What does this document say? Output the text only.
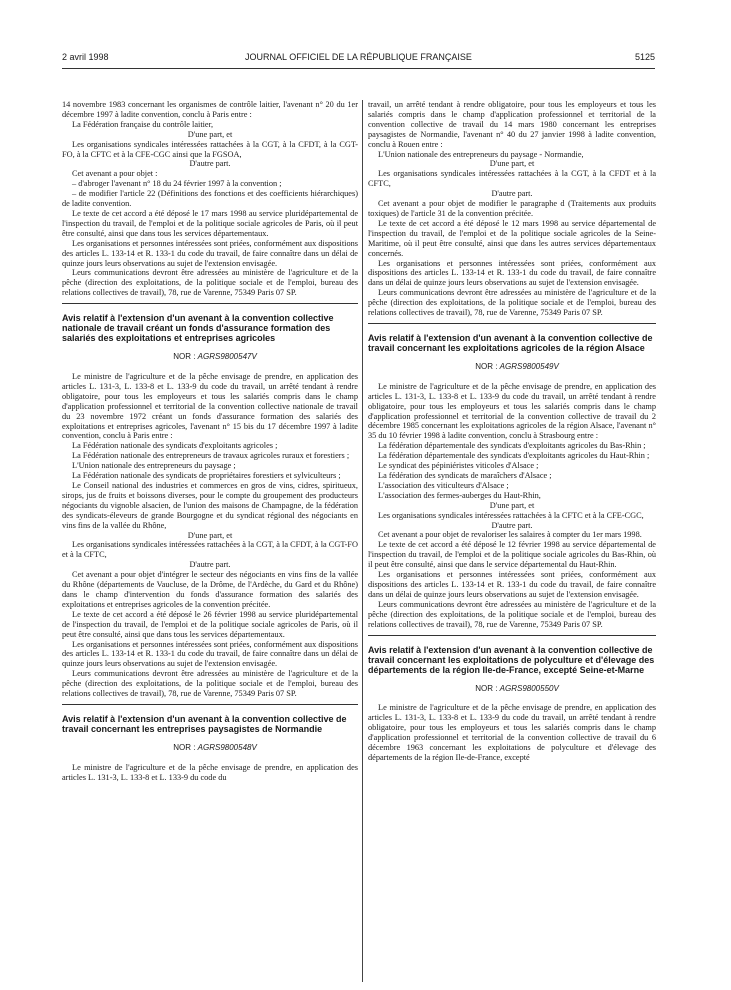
2 avril 1998	JOURNAL OFFICIEL DE LA RÉPUBLIQUE FRANÇAISE	5125

14 novembre 1983 concernant les organismes de contrôle laitier, l'avenant n° 20 du 1er décembre 1997 à ladite convention, conclu à Paris entre :

La Fédération française du contrôle laitier,

D'une part, et

Les organisations syndicales intéressées rattachées à la CGT, à la CFDT, à la CGT-FO, à la CFTC et à la CFE-CGC ainsi que la FGSOA,

D'autre part.

Cet avenant a pour objet :

– d'abroger l'avenant n° 18 du 24 février 1997 à la convention ;

– de modifier l'article 22 (Définitions des fonctions et des coefficients hiérarchiques) de ladite convention.

Le texte de cet accord a été déposé le 17 mars 1998 au service pluridépartemental de l'inspection du travail, de l'emploi et de la politique sociale agricoles de Paris, où il peut être consulté, ainsi que dans tous les services départementaux.

Les organisations et personnes intéressées sont priées, conformément aux dispositions des articles L. 133-14 et R. 133-1 du code du travail, de faire connaître dans un délai de quinze jours leurs observations au sujet de l'extension envisagée.

Leurs communications devront être adressées au ministère de l'agriculture et de la pêche (direction des exploitations, de la politique sociale et de l'emploi, bureau des relations collectives de travail), 78, rue de Varenne, 75349 Paris 07 SP.

Avis relatif à l'extension d'un avenant à la convention collective nationale de travail créant un fonds d'assurance formation des salariés des exploitations et entreprises agricoles

NOR : AGRS9800547V

Le ministre de l'agriculture et de la pêche envisage de prendre, en application des articles L. 131-3, L. 133-8 et L. 133-9 du code du travail, un arrêté tendant à rendre obligatoire, pour tous les employeurs et tous les salariés compris dans le champ d'application professionnel et territorial de la convention collective nationale de travail du 23 novembre 1972 créant un fonds d'assurance formation des salariés des exploitations et entreprises agricoles, l'avenant n° 15 bis du 17 décembre 1997 à ladite convention, conclu à Paris entre :

La Fédération nationale des syndicats d'exploitants agricoles ;

La Fédération nationale des entrepreneurs de travaux agricoles ruraux et forestiers ;

L'Union nationale des entrepreneurs du paysage ;

La Fédération nationale des syndicats de propriétaires forestiers et sylviculteurs ;

Le Conseil national des industries et commerces en gros de vins, cidres, spiritueux, sirops, jus de fruits et boissons diverses, pour le compte du groupement des producteurs négociants du vignoble alsacien, de l'union des maisons de Champagne, de la fédération des syndicats-éleveurs de grande Bourgogne et du syndicat régional des négociants en vins fins de la vallée du Rhône,

D'une part, et

Les organisations syndicales intéressées rattachées à la CGT, à la CFDT, à la CGT-FO et à la CFTC,

D'autre part.

Cet avenant a pour objet d'intégrer le secteur des négociants en vins fins de la vallée du Rhône (départements de Vaucluse, de la Drôme, de l'Ardèche, du Gard et du Rhône) dans le champ d'intervention du fonds d'assurance formation des salariés des exploitations et entreprises agricoles de la convention précitée.

Le texte de cet accord a été déposé le 26 février 1998 au service pluridépartemental de l'inspection du travail, de l'emploi et de la politique sociale agricoles de Paris, où il peut être consulté, ainsi que dans tous les services départementaux.

Les organisations et personnes intéressées sont priées, conformément aux dispositions des articles L. 133-14 et R. 133-1 du code du travail, de faire connaître dans un délai de quinze jours leurs observations au sujet de l'extension envisagée.

Leurs communications devront être adressées au ministère de l'agriculture et de la pêche (direction des exploitations, de la politique sociale et de l'emploi, bureau des relations collectives de travail), 78, rue de Varenne, 75349 Paris 07 SP.

Avis relatif à l'extension d'un avenant à la convention collective de travail concernant les entreprises paysagistes de Normandie

NOR : AGRS9800548V

Le ministre de l'agriculture et de la pêche envisage de prendre, en application des articles L. 131-3, L. 133-8 et L. 133-9 du code du

travail, un arrêté tendant à rendre obligatoire, pour tous les employeurs et tous les salariés compris dans le champ d'application professionnel et territorial de la convention collective de travail du 14 mars 1980 concernant les entreprises paysagistes de Normandie, l'avenant n° 40 du 27 janvier 1998 à ladite convention, conclu à Rouen entre :

L'Union nationale des entrepreneurs du paysage - Normandie,

D'une part, et

Les organisations syndicales intéressées rattachées à la CGT, à la CFDT et à la CFTC,

D'autre part.

Cet avenant a pour objet de modifier le paragraphe d (Traitements aux produits toxiques) de l'article 31 de la convention précitée.

Le texte de cet accord a été déposé le 12 mars 1998 au service départemental de l'inspection du travail, de l'emploi et de la politique sociale agricoles de la Seine-Maritime, où il peut être consulté, ainsi que dans les autres services départementaux concernés.

Les organisations et personnes intéressées sont priées, conformément aux dispositions des articles L. 133-14 et R. 133-1 du code du travail, de faire connaître dans un délai de quinze jours leurs observations au sujet de l'extension envisagée.

Leurs communications devront être adressées au ministère de l'agriculture et de la pêche (direction des exploitations, de la politique sociale et de l'emploi, bureau des relations collectives de travail), 78, rue de Varenne, 75349 Paris 07 SP.

Avis relatif à l'extension d'un avenant à la convention collective de travail concernant les exploitations agricoles de la région Alsace

NOR : AGRS9800549V

Le ministre de l'agriculture et de la pêche envisage de prendre, en application des articles L. 131-3, L. 133-8 et L. 133-9 du code du travail, un arrêté tendant à rendre obligatoire, pour tous les employeurs et tous les salariés compris dans le champ d'application professionnel et territorial de la convention collective de travail du 2 décembre 1985 concernant les exploitations agricoles de la région Alsace, l'avenant n° 35 du 10 février 1998 à ladite convention, conclu à Strasbourg entre :

La fédération départementale des syndicats d'exploitants agricoles du Bas-Rhin ;

La fédération départementale des syndicats d'exploitants agricoles du Haut-Rhin ;

Le syndicat des pépiniéristes viticoles d'Alsace ;

La fédération des syndicats de maraîchers d'Alsace ;

L'association des viticulteurs d'Alsace ;

L'association des fermes-auberges du Haut-Rhin,

D'une part, et

Les organisations syndicales intéressées rattachées à la CFTC et à la CFE-CGC,

D'autre part.

Cet avenant a pour objet de revaloriser les salaires à compter du 1er mars 1998.

Le texte de cet accord a été déposé le 12 février 1998 au service départemental de l'inspection du travail, de l'emploi et de la politique sociale agricoles du Bas-Rhin, où il peut être consulté, ainsi que dans le service départemental du Haut-Rhin.

Les organisations et personnes intéressées sont priées, conformément aux dispositions des articles L. 133-14 et R. 133-1 du code du travail, de faire connaître dans un délai de quinze jours leurs observations au sujet de l'extension envisagée.

Leurs communications devront être adressées au ministère de l'agriculture et de la pêche (direction des exploitations, de la politique sociale et de l'emploi, bureau des relations collectives de travail), 78, rue de Varenne, 75349 Paris 07 SP.

Avis relatif à l'extension d'un avenant à la convention collective de travail concernant les exploitations de polyculture et d'élevage des départements de la région Ile-de-France, excepté Seine-et-Marne

NOR : AGRS9800550V

Le ministre de l'agriculture et de la pêche envisage de prendre, en application des articles L. 131-3, L. 133-8 et L. 133-9 du code du travail, un arrêté tendant à rendre obligatoire, pour tous les employeurs et tous les salariés compris dans le champ d'application professionnel et territorial de la convention collective de travail du 6 décembre 1963 concernant les exploitations de polyculture et d'élevage des départements de la région Ile-de-France, excepté
